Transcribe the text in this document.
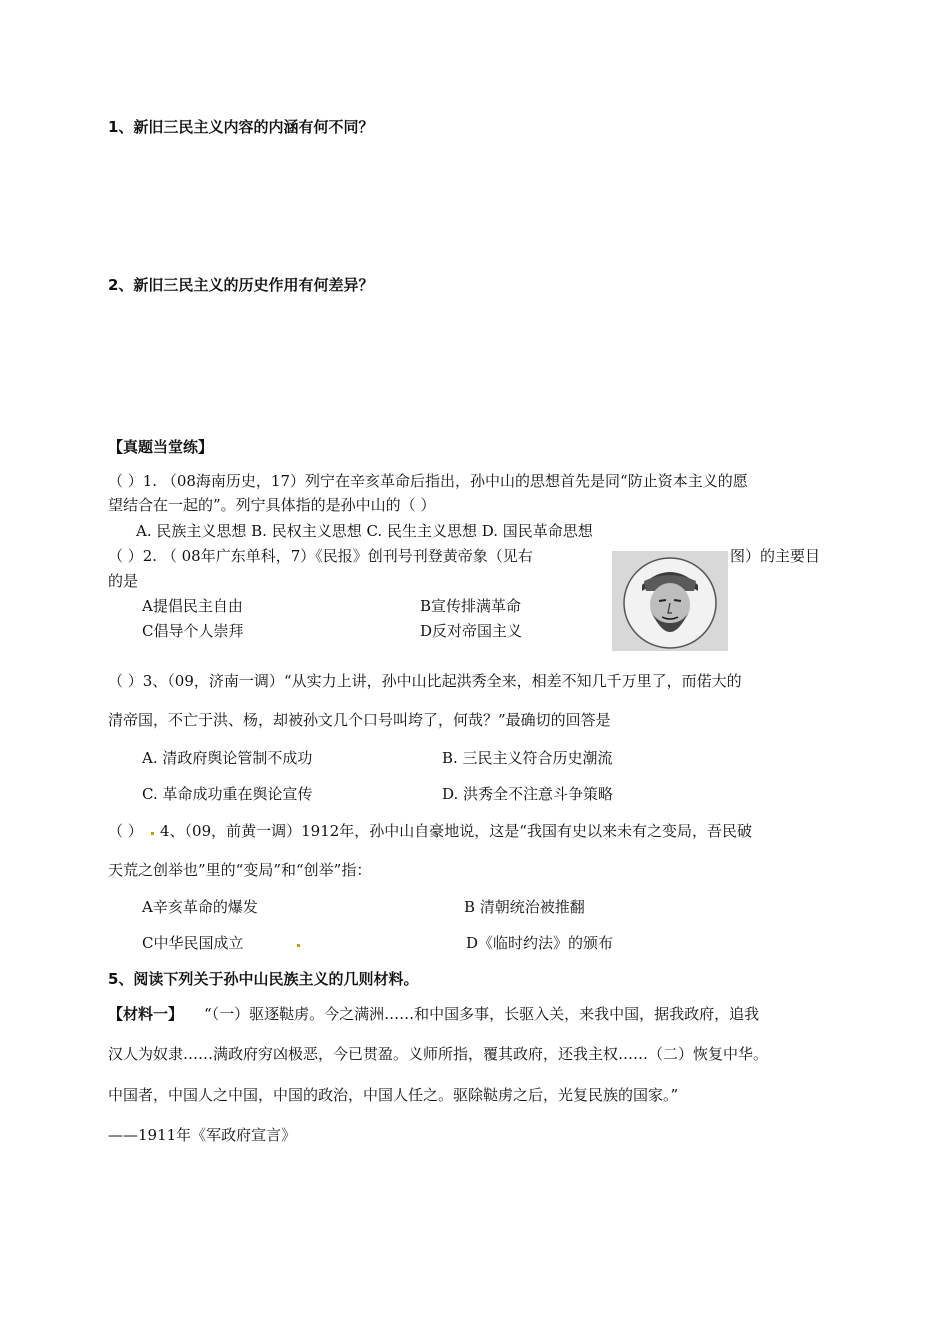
1、新旧三民主义内容的内涵有何不同？
2、新旧三民主义的历史作用有何差异？
【真题当堂练】
（ ）1. （08海南历史，17）列宁在辛亥革命后指出，孙中山的思想首先是同“防止资本主义的愿
望结合在一起的”。列宁具体指的是孙中山的（ ）
A. 民族主义思想 B. 民权主义思想 C. 民生主义思想 D. 国民革命思想
（ ）2. （ 08年广东单科，7）《民报》创刊号刊登黄帝象（见右	图）的主要目
的是
A提倡民主自由	B宣传排满革命
C倡导个人崇拜	D反对帝国主义
（ ）3、（09，济南一调）“从实力上讲，孙中山比起洪秀全来，相差不知几千万里了，而偌大的
清帝国，不亡于洪、杨，却被孙文几个口号叫垮了，何哉？”最确切的回答是
A. 清政府舆论管制不成功	B. 三民主义符合历史潮流
C. 革命成功重在舆论宣传	D. 洪秀全不注意斗争策略
（ ） 4、（09，前黄一调）1912年，孙中山自豪地说，这是“我国有史以来未有之变局，吾民破
天荒之创举也”里的“变局”和“创举”指：
A辛亥革命的爆发	B 清朝统治被推翻
C中华民国成立	D《临时约法》的颁布
5、阅读下列关于孙中山民族主义的几则材料。
【材料一】 “（一）驱逐鞑虏。今之满洲……和中国多事，长驱入关，来我中国，据我政府，追我
汉人为奴隶……满政府穷凶极恶，今已贯盈。义师所指，覆其政府，还我主权……（二）恢复中华。
中国者，中国人之中国，中国的政治，中国人任之。驱除鞑虏之后，光复民族的国家。”
——1911年《军政府宣言》
